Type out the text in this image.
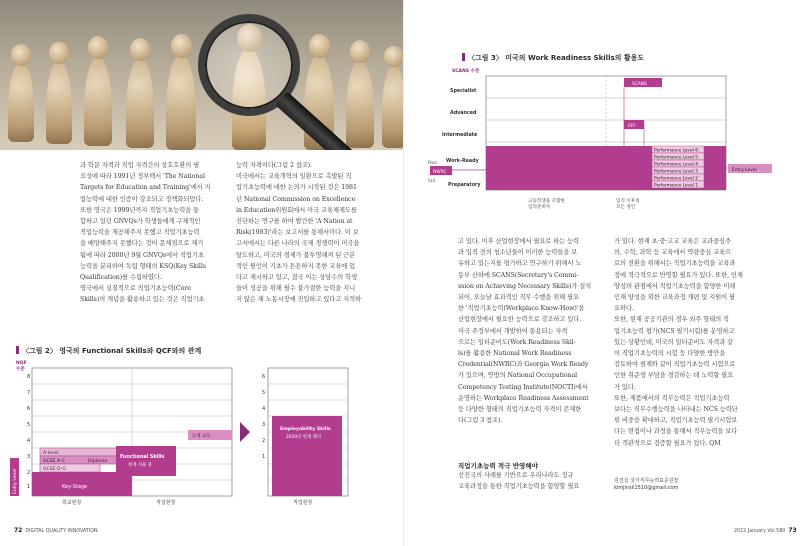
과 학문 자격과 직업 자격간의 상호호환의 필
요성에 따라 1991년 정부백서 'The National
Targets for Education and Training'에서 지
업능력에 대한 인증이 강조되고 정책화되었다.
또한 영국은 1999년까지 직업기초능력을 통
합하고 있던 GNVQs가 학생들에게 구체적인
직업능력을 제공해주지 못했고 직업기초능력
을 배양해주지 못했다는 것이 문제점으로 제기
됨에 따라 2000년 9월 GNVQs에서 직업기초
능력을 분리하여 독립 형태의 KSQ(Key Skills
Qualification)를 수립하였다.
영국에서 실질적으로 직업기초능력(Core
Skills)의 개념을 활용하고 있는 것은 직업기초
능력 자격이다(그림 2 참조).
미국에서는 교육개혁의 일환으로 촉발된 직
업기초능력에 대한 논의가 시작된 것은 1981
년 National Commission on Excellence
in Education위원회에서 미국 교육체제도를
진단하는 연구를 하여 발간한 'A Nation at
Risk(1983)'라는 보고서를 통해서이다. 이 보
고서에서는 다른 나라의 국제 경쟁력이 미국을
앞도하고, 미국의 경제가 불투명해져 된 근본
적인 원인이 기초가 튼튼하지 못한 교육에 있
다고 제시하고 있고, 결국 이는 상당수의 학생
들이 성공을 위해 필수 불가결한 능력을 지니
지 않은 채 노동시장에 진입하고 있다고 지적하
〈그림 2〉 영국의 Functional Skills와 QCF와의 관계
NQF 수준
8
7
6
5
4
3
2
1
Entry Level
A-level
GCSE A-C	Diploma
GCSE D-G
Key-Stage
Functional Skills
현재 사용 중
도제 교육
학교현장	직업현장
6
5
4
3
2
1
Employability Skills
2020년 현재 폐지
직업현장
72 DIGITAL QUALITY INNOVATION
〈그림 3〉 미국의 Work Readiness Skills의 활용도
SCANS 수준
Specialist
Advanced
Intermediate
Work-Ready
Preparatory
Pass
Fail
NWRC
SCANS
EFF
Performance Level 6
Performance Level 5
Performance Level 4
Performance Level 3
Performance Level 2
Performance Level 1
Entry Level
고등학생을 포함한 입직준비자
입직 이후의 모든 성인
고 있다. 이후 산업현장에서 필요로 하는 능력
과 입직 전의 청소년들이 이러한 능력들을 보
유하고 있는지를 평가하고 연구하기 위해서 노
동부 산하에 SCANS(Secretary's Commi-
ssion on Achieving Necessary Skills)가 설치
되어, 오늘날 효과적인 직무 수행을 위해 필요
한 '직업기초능력(Workplace Know-How)'을
산업현장에서 필요한 능력으로 강조하고 있다.
미국 주정부에서 개발하여 통용되는 자격
으로는 일터준비도(Work Readiness Skil-
ls)를 활용한 National Work Readiness
Credential(NWRC)과 Georgia Work Ready
가 있으며, 연방의 National Occupational
Competency Testing Institute(NOCTI)에서
운영하는 Workplace Readiness Assessment
등 다양한 형태의 직업기초능력 자격이 존재한
다(그림 3 참조).
직업기초능력 적극 반영해야
선진국의 사례를 기반으로 우리나라도 정규
교육과정을 통한 직업기초능력을 함양할 필요
가 있다. 현재 초·중·고교 교육은 교과중심주
의, 수학, 과학 등 교육에서 역량중심 교육으
로의 전환을 위해서는 직업기초능력을 교육과
정에 적극적으로 반영할 필요가 있다. 또한, 인재
양성의 관점에서 직업기초능력을 함양한 미래
인재 양성을 위한 교육과정 개편 및 지원이 필
요하다.
또한, 현재 공공기관의 경우 외주 형태의 직
업기초능력 평가(NCS 필기시험)를 운영하고
있는 상황인데, 미국의 일터준비도 자격과 같
이 직업기초능력의 시험 등 다양한 방안을
검토하여 현재와 같이 직업기초능력 시험으로
인한 취준생 부담을 경감하는 데 노력할 필요
가 있다.
또한, 제품에서의 직무능력은 직업기초능력
보다는 직무수행능력을 나타내는 NCS 능력단
위 비중을 확대하고, 직업기초능력 필기시험보
다는 면접이나 과정을 통해서 직무능력을 보다
더 객관적으로 검증할 필요가 있다. QM
김진실 국가직무능력표준원장
kimjinsil1510@gmail.com
2022 January Vol.580 73
